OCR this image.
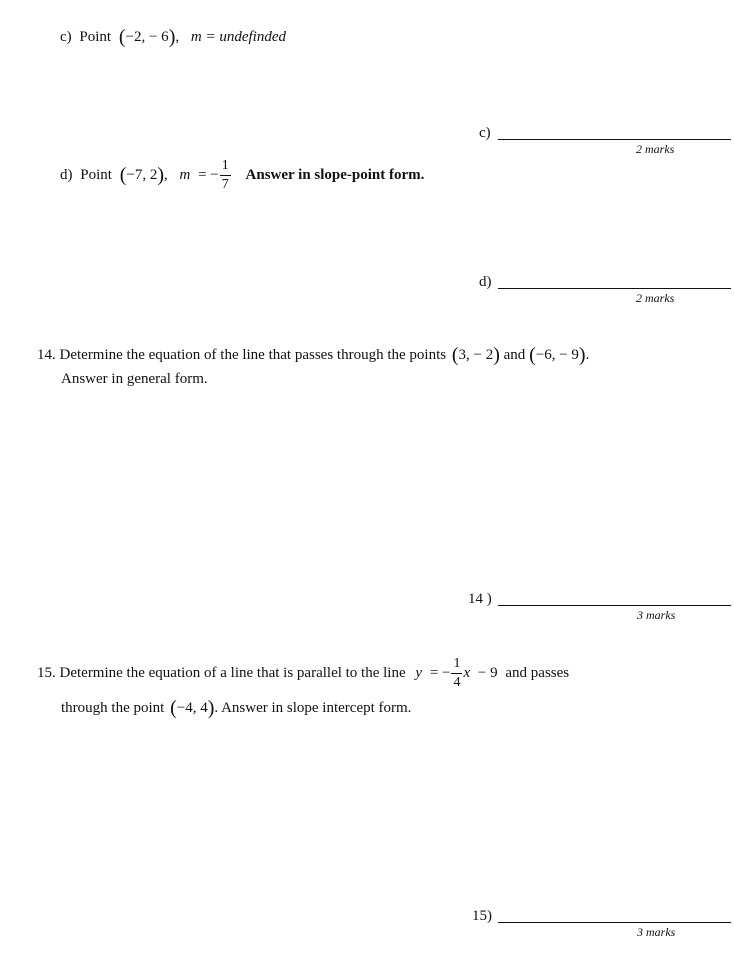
c) Point (−2, − 6), m = undefinded
c)
2 marks
d) Point (−7, 2), m = − $\frac{1}{7}$ Answer in slope-point form.
d)
2 marks
14. Determine the equation of the line that passes through the points (3, − 2) and (−6, − 9).
Answer in general form.
14 )
3 marks
15. Determine the equation of a line that is parallel to the line y = − $\frac{1}{4}$ x − 9 and passes
through the point (−4, 4). Answer in slope intercept form.
15)
3 marks
